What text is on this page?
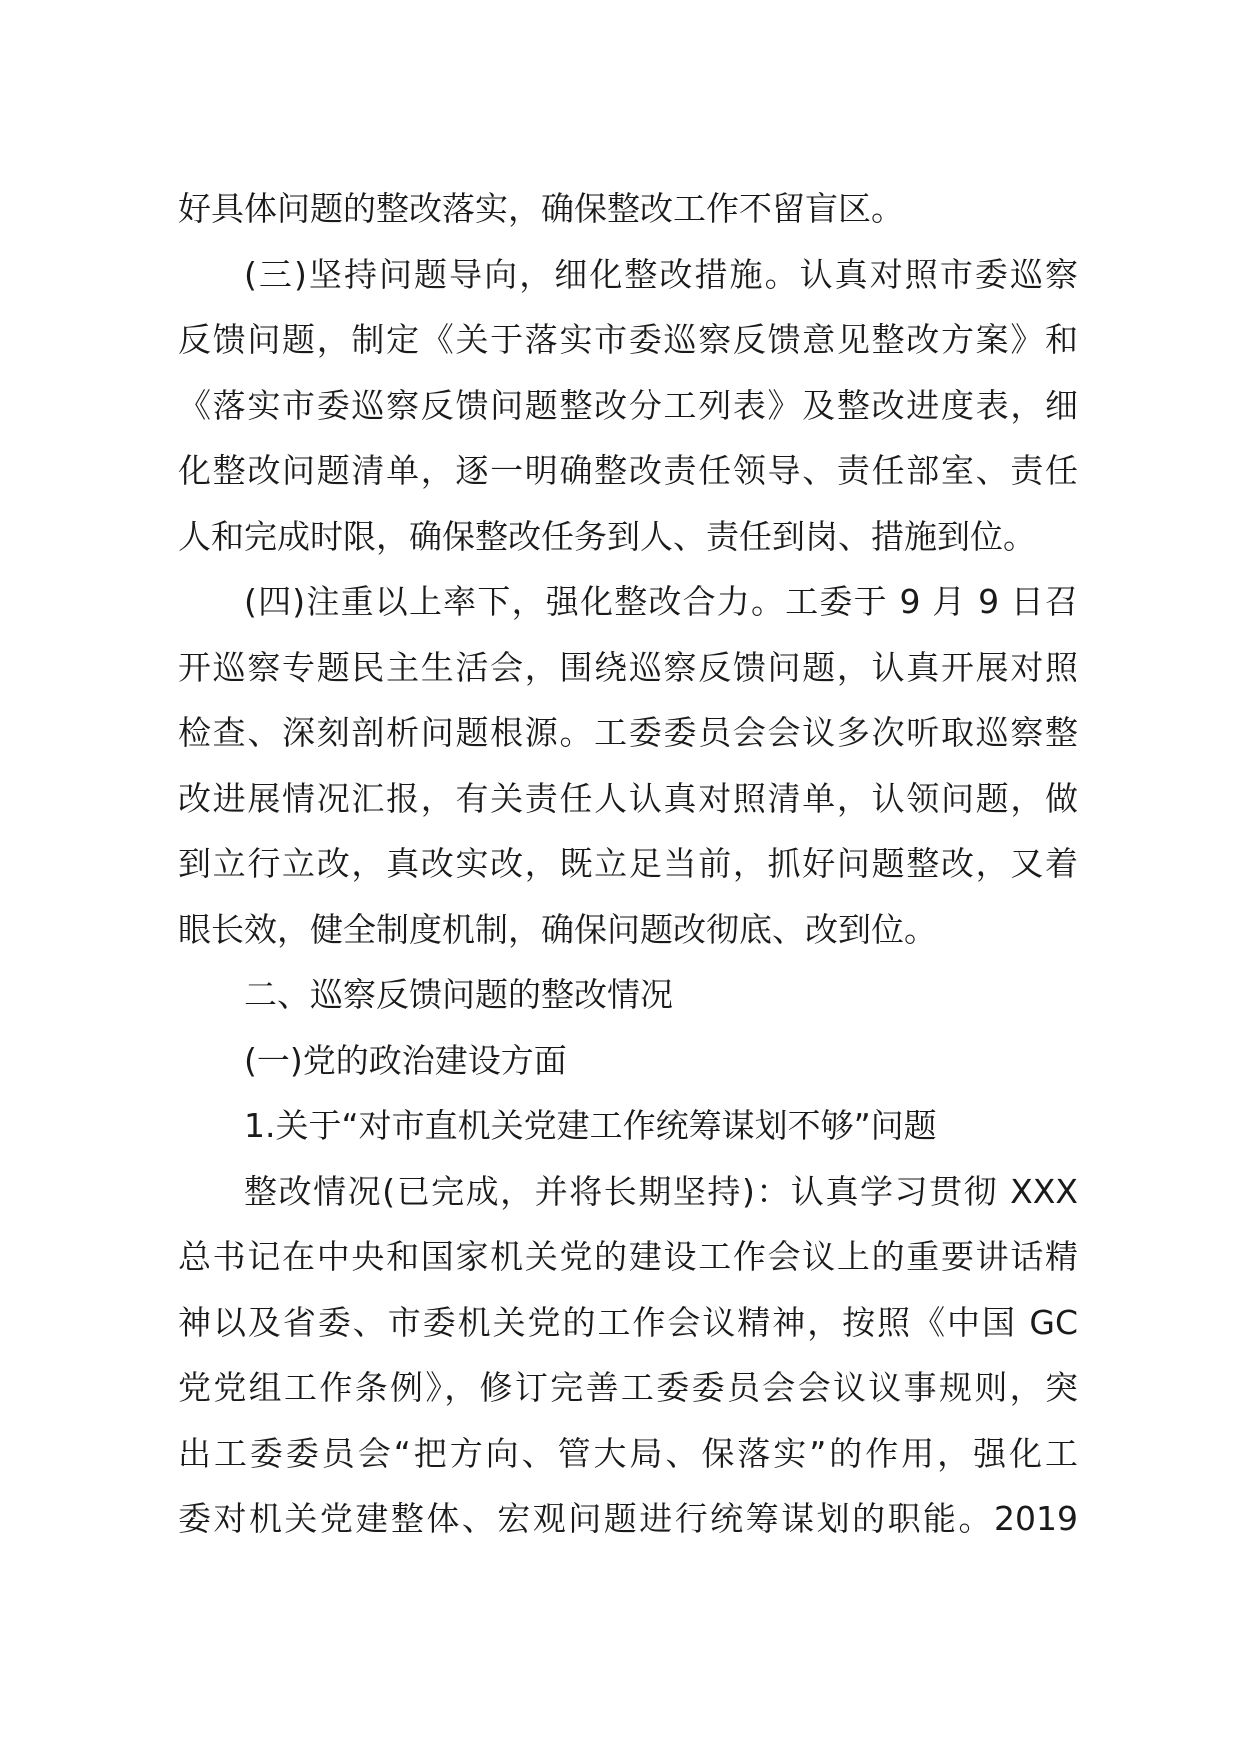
好具体问题的整改落实，确保整改工作不留盲区。
(三)坚持问题导向，细化整改措施。认真对照市委巡察
反馈问题，制定《关于落实市委巡察反馈意见整改方案》和
《落实市委巡察反馈问题整改分工列表》及整改进度表，细
化整改问题清单，逐一明确整改责任领导、责任部室、责任
人和完成时限，确保整改任务到人、责任到岗、措施到位。
(四)注重以上率下，强化整改合力。工委于 9 月 9 日召
开巡察专题民主生活会，围绕巡察反馈问题，认真开展对照
检查、深刻剖析问题根源。工委委员会会议多次听取巡察整
改进展情况汇报，有关责任人认真对照清单，认领问题，做
到立行立改，真改实改，既立足当前，抓好问题整改，又着
眼长效，健全制度机制，确保问题改彻底、改到位。
二、巡察反馈问题的整改情况
(一)党的政治建设方面
1.关于“对市直机关党建工作统筹谋划不够”问题
整改情况(已完成，并将长期坚持)：认真学习贯彻 XXX
总书记在中央和国家机关党的建设工作会议上的重要讲话精
神以及省委、市委机关党的工作会议精神，按照《中国 GC
党党组工作条例》，修订完善工委委员会会议议事规则，突
出工委委员会“把方向、管大局、保落实”的作用，强化工
委对机关党建整体、宏观问题进行统筹谋划的职能。2019
